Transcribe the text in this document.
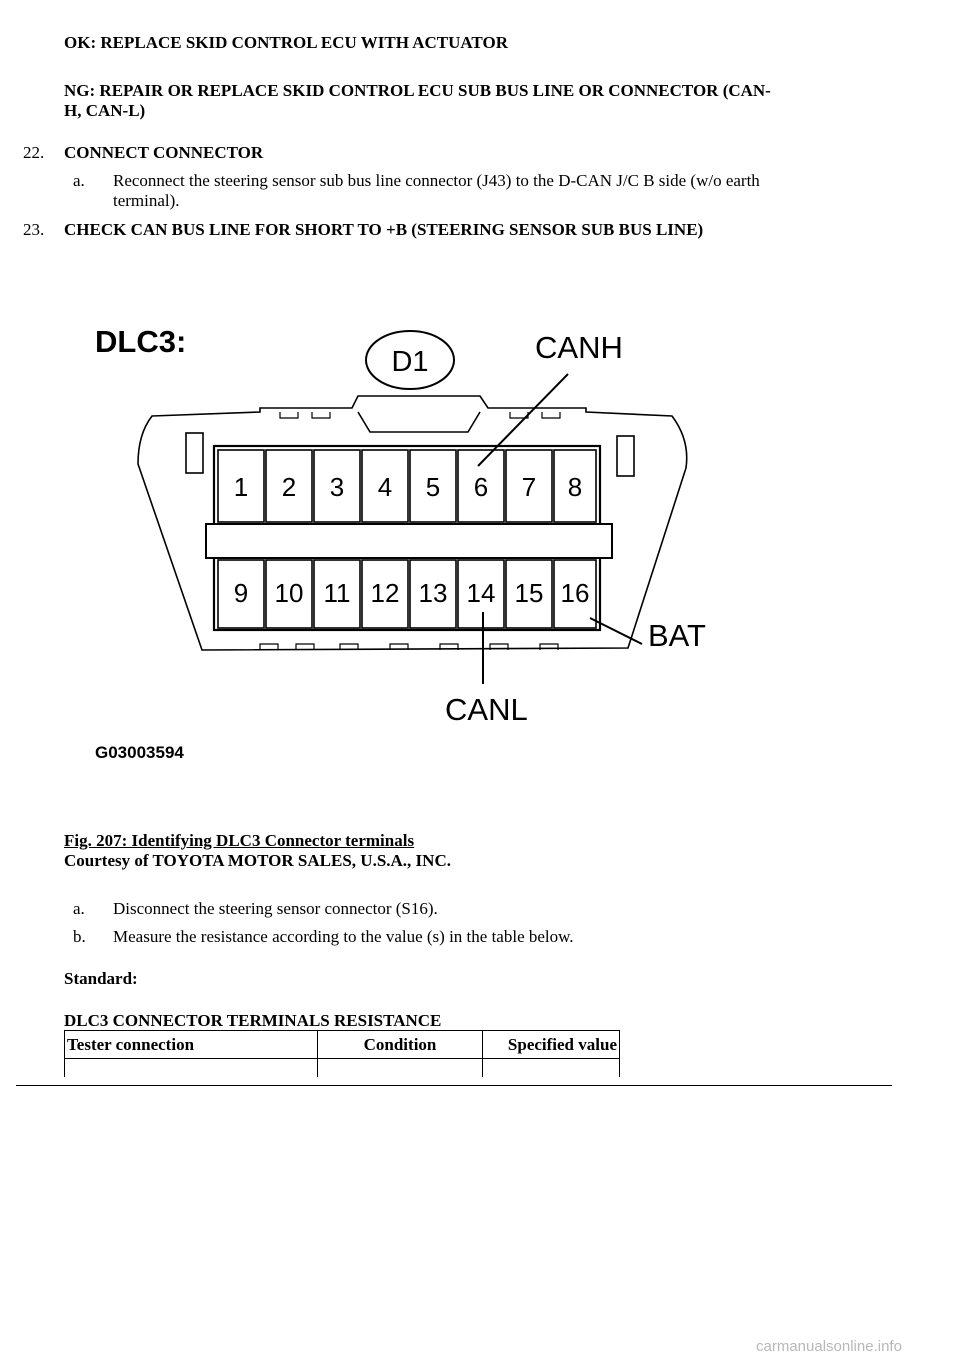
OK: REPLACE SKID CONTROL ECU WITH ACTUATOR
NG: REPAIR OR REPLACE SKID CONTROL ECU SUB BUS LINE OR CONNECTOR (CAN-
H, CAN-L)
22. CONNECT CONNECTOR
a.	Reconnect the steering sensor sub bus line connector (J43) to the D-CAN J/C B side (w/o earth
terminal).
23. CHECK CAN BUS LINE FOR SHORT TO +B (STEERING SENSOR SUB BUS LINE)
DLC3:
D1	CANH
1 2 3 4 5 6 7 8
9 10 11 12 13 14 15 16
CANL
BAT
G03003594
Fig. 207: Identifying DLC3 Connector terminals
Courtesy of TOYOTA MOTOR SALES, U.S.A., INC.
a. Disconnect the steering sensor connector (S16).
b. Measure the resistance according to the value (s) in the table below.
Standard:
DLC3 CONNECTOR TERMINALS RESISTANCE
Tester connection	Condition	Specified value

carmanualsonline.info
